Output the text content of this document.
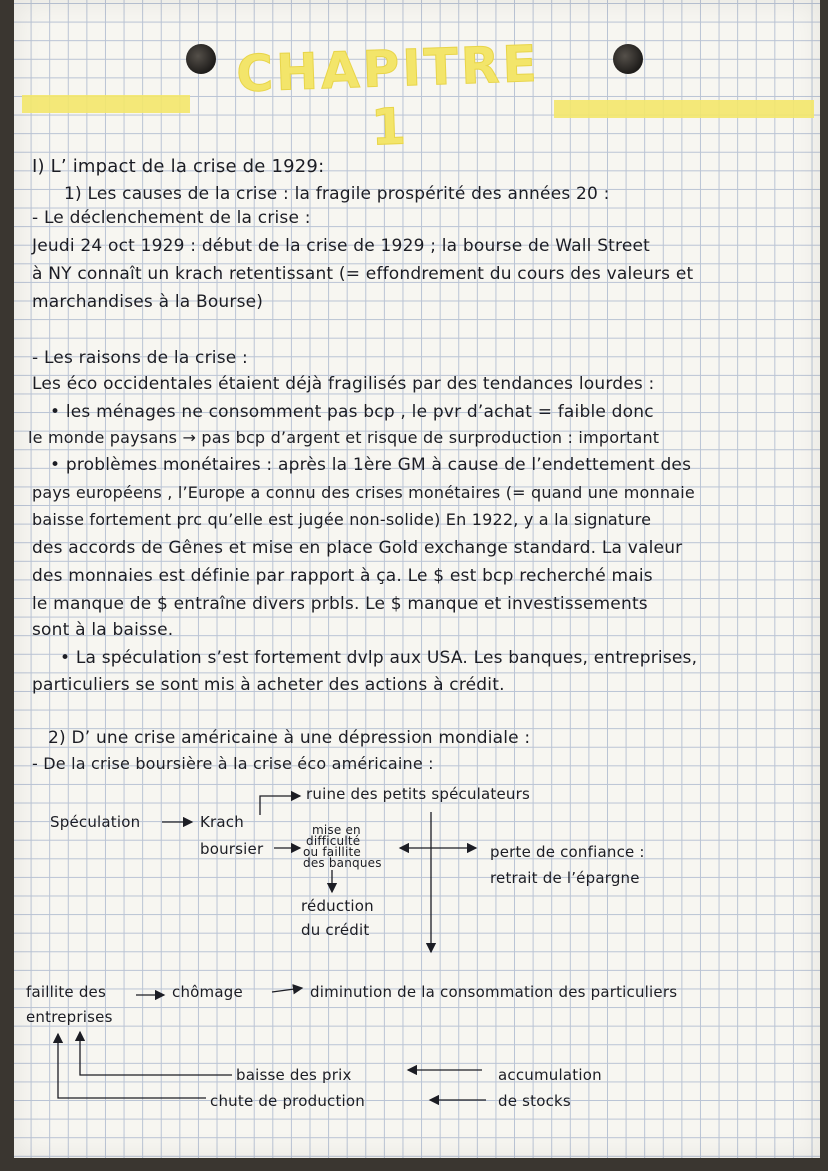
CHAPITRE 1
I) L’ impact de la crise de 1929:
1) Les causes de la crise : la fragile prospérité des années 20 :
- Le déclenchement de la crise :
Jeudi 24 oct 1929 : début de la crise de 1929 ; la bourse de Wall Street
à NY connaît un krach retentissant (= effondrement du cours des valeurs et
marchandises à la Bourse)
- Les raisons de la crise :
Les éco occidentales étaient déjà fragilisés par des tendances lourdes :
• les ménages ne consomment pas bcp , le pvr d’achat = faible donc
le monde paysans → pas bcp d’argent et risque de surproduction : important
• problèmes monétaires : après la 1ère GM à cause de l’endettement des
pays européens , l’Europe a connu des crises monétaires (= quand une monnaie
baisse fortement prc qu’elle est jugée non-solide) En 1922, y a la signature
des accords de Gênes et mise en place Gold exchange standard. La valeur
des monnaies est définie par rapport à ça. Le $ est bcp recherché mais
le manque de $ entraîne divers prbls. Le $ manque et investissements
sont à la baisse.
• La spéculation s’est fortement dvlp aux USA. Les banques, entreprises,
particuliers se sont mis à acheter des actions à crédit.
2) D’ une crise américaine à une dépression mondiale :
- De la crise boursière à la crise éco américaine :
ruine des petits spéculateurs
Spéculation	Krach
boursier
mise en
difficulté
ou faillite
des banques
perte de confiance :
retrait de l’épargne
réduction
du crédit
faillite des
entreprises
chômage	diminution de la consommation des particuliers
baisse des prix
chute de production
accumulation
de stocks
